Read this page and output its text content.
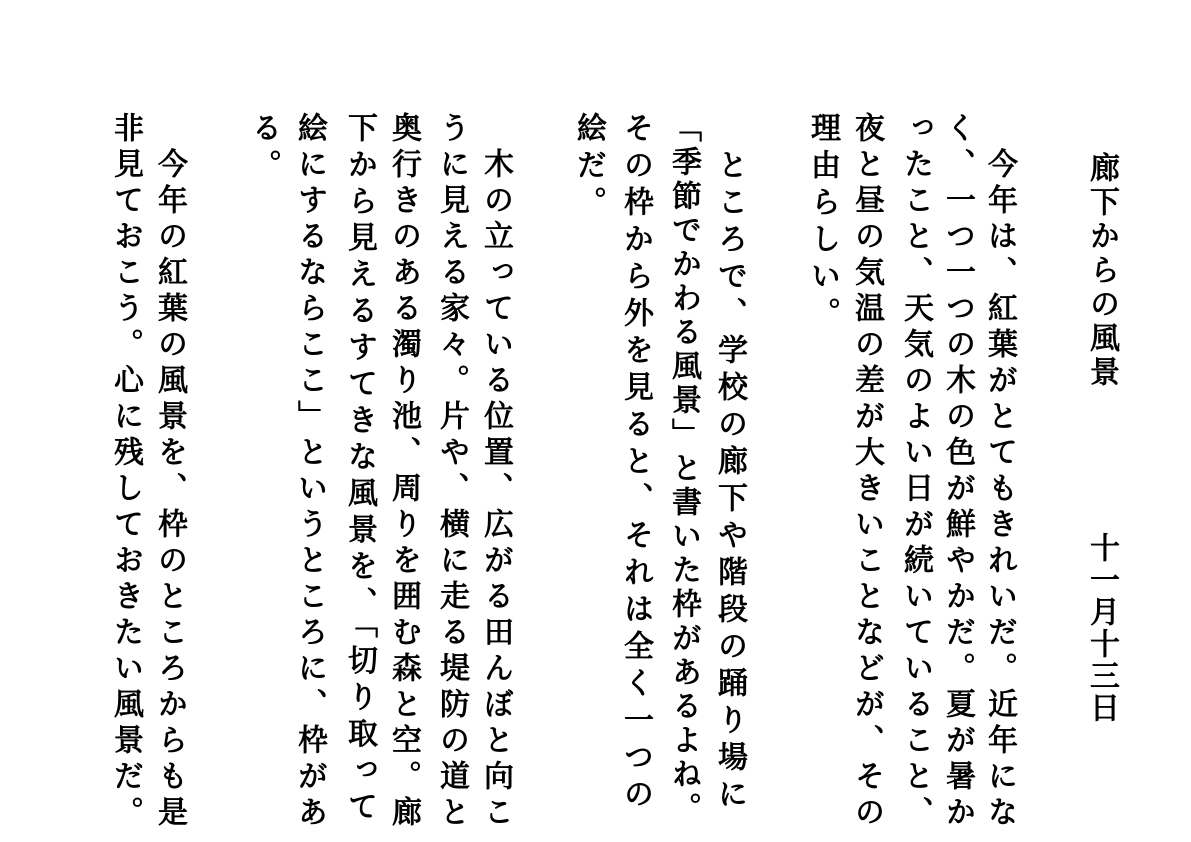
廊下からの風景
十一月十三日
　今年は、紅葉がとてもきれいだ。近年にな
く、一つ一つの木の色が鮮やかだ。夏が暑か
ったこと、天気のよい日が続いていること、
夜と昼の気温の差が大きいことなどが、その
理由らしい。
　ところで、学校の廊下や階段の踊り場に
「季節でかわる風景」と書いた枠があるよね。
その枠から外を見ると、それは全く一つの
絵だ。
　木の立っている位置、広がる田んぼと向こ
うに見える家々。片や、横に走る堤防の道と
奥行きのある濁り池、周りを囲む森と空。廊
下から見えるすてきな風景を、「切り取って
絵にするならここ」というところに、枠があ
る。
　今年の紅葉の風景を、枠のところからも是
非見ておこう。心に残しておきたい風景だ。
